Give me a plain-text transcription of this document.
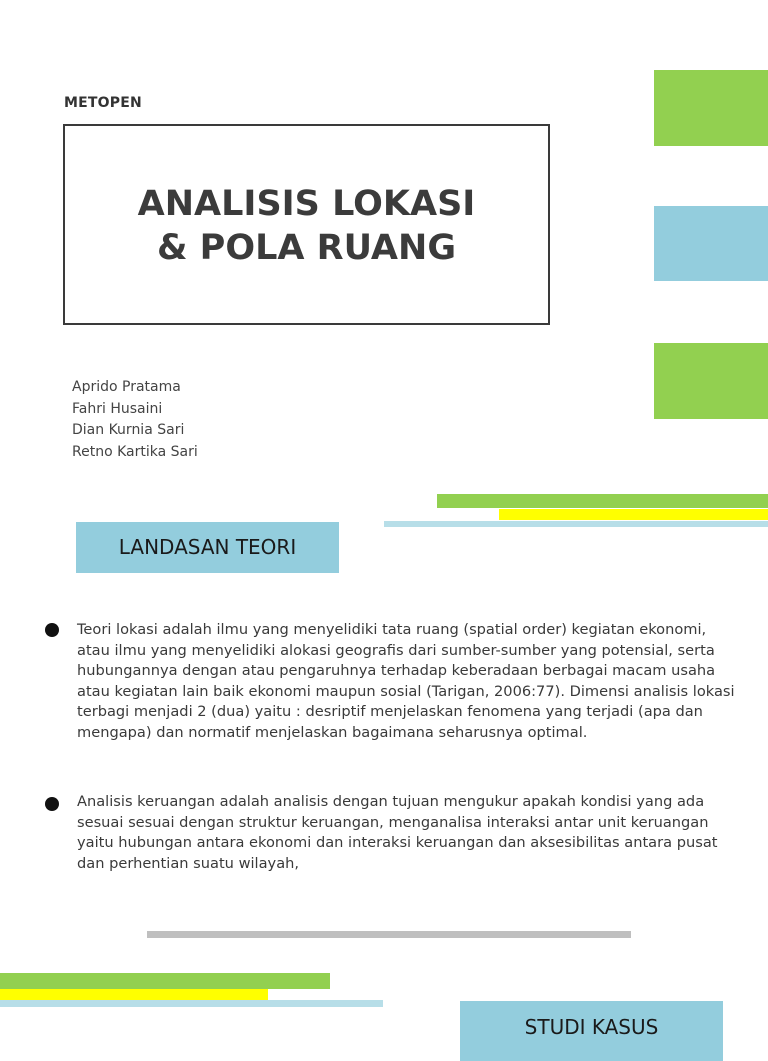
METOPEN
ANALISIS LOKASI
& POLA RUANG
Aprido Pratama
Fahri Husaini
Dian Kurnia Sari
Retno Kartika Sari
LANDASAN TEORI
Teori lokasi adalah ilmu yang menyelidiki tata ruang (spatial order) kegiatan ekonomi, atau ilmu yang menyelidiki alokasi geografis dari sumber-sumber yang potensial, serta hubungannya dengan atau pengaruhnya terhadap keberadaan berbagai macam usaha atau kegiatan lain baik ekonomi maupun sosial (Tarigan, 2006:77). Dimensi analisis lokasi terbagi menjadi 2 (dua) yaitu : desriptif menjelaskan fenomena yang terjadi (apa dan mengapa) dan normatif menjelaskan bagaimana seharusnya optimal.
Analisis keruangan adalah analisis dengan tujuan mengukur apakah kondisi yang ada sesuai sesuai dengan struktur keruangan, menganalisa interaksi antar unit keruangan yaitu hubungan antara ekonomi dan interaksi keruangan dan aksesibilitas antara pusat dan perhentian suatu wilayah,
STUDI KASUS
